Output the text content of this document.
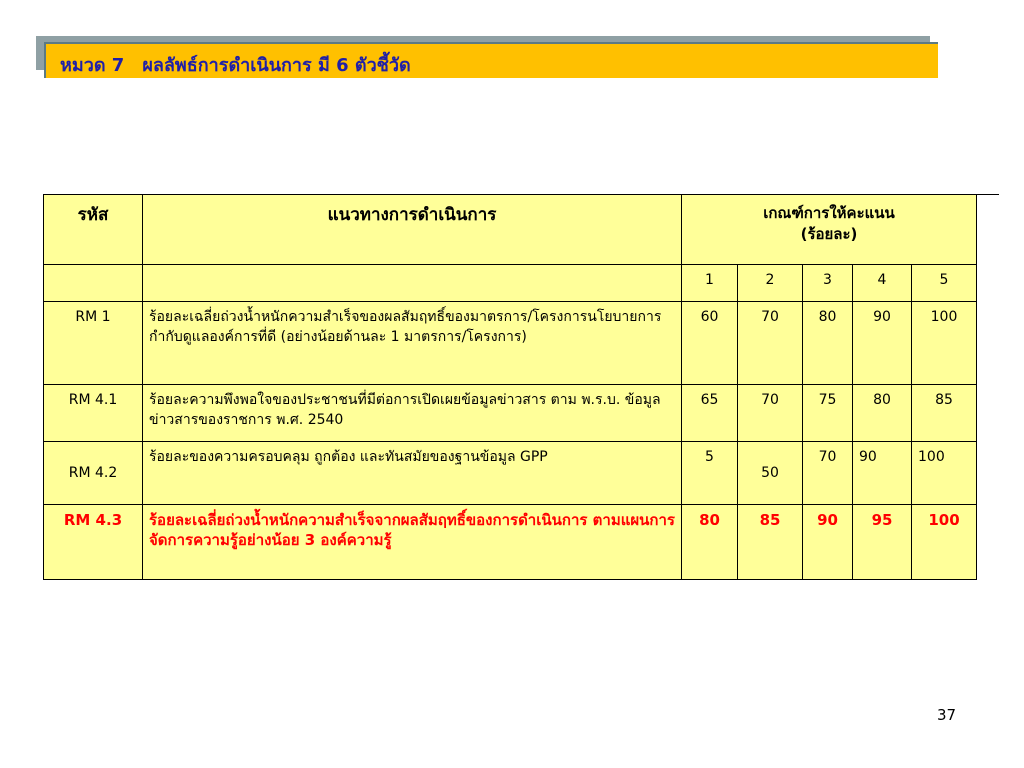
หมวด 7 ผลลัพธ์การดำเนินการ มี 6 ตัวชี้วัด
รหัส	แนวทางการดำเนินการ	เกณฑ์การให้คะแนน
(ร้อยละ)				
		1	2	3	4	5
RM 1	ร้อยละเฉลี่ยถ่วงน้ำหนักความสำเร็จของผลสัมฤทธิ์ของมาตรการ/โครงการนโยบายการกำกับดูแลองค์การที่ดี (อย่างน้อยด้านละ 1 มาตรการ/โครงการ)	60	70	80	90	100
RM 4.1	ร้อยละความพึงพอใจของประชาชนที่มีต่อการเปิดเผยข้อมูลข่าวสาร ตาม พ.ร.บ. ข้อมูลข่าวสารของราชการ พ.ศ. 2540	65	70	75	80	85
RM 4.2	ร้อยละของความครอบคลุม ถูกต้อง และทันสมัยของฐานข้อมูล GPP	5	50	70	90	100
RM 4.3	ร้อยละเฉลี่ยถ่วงน้ำหนักความสำเร็จจากผลสัมฤทธิ์ของการดำเนินการ ตามแผนการจัดการความรู้อย่างน้อย 3 องค์ความรู้	80	85	90	95	100
37
